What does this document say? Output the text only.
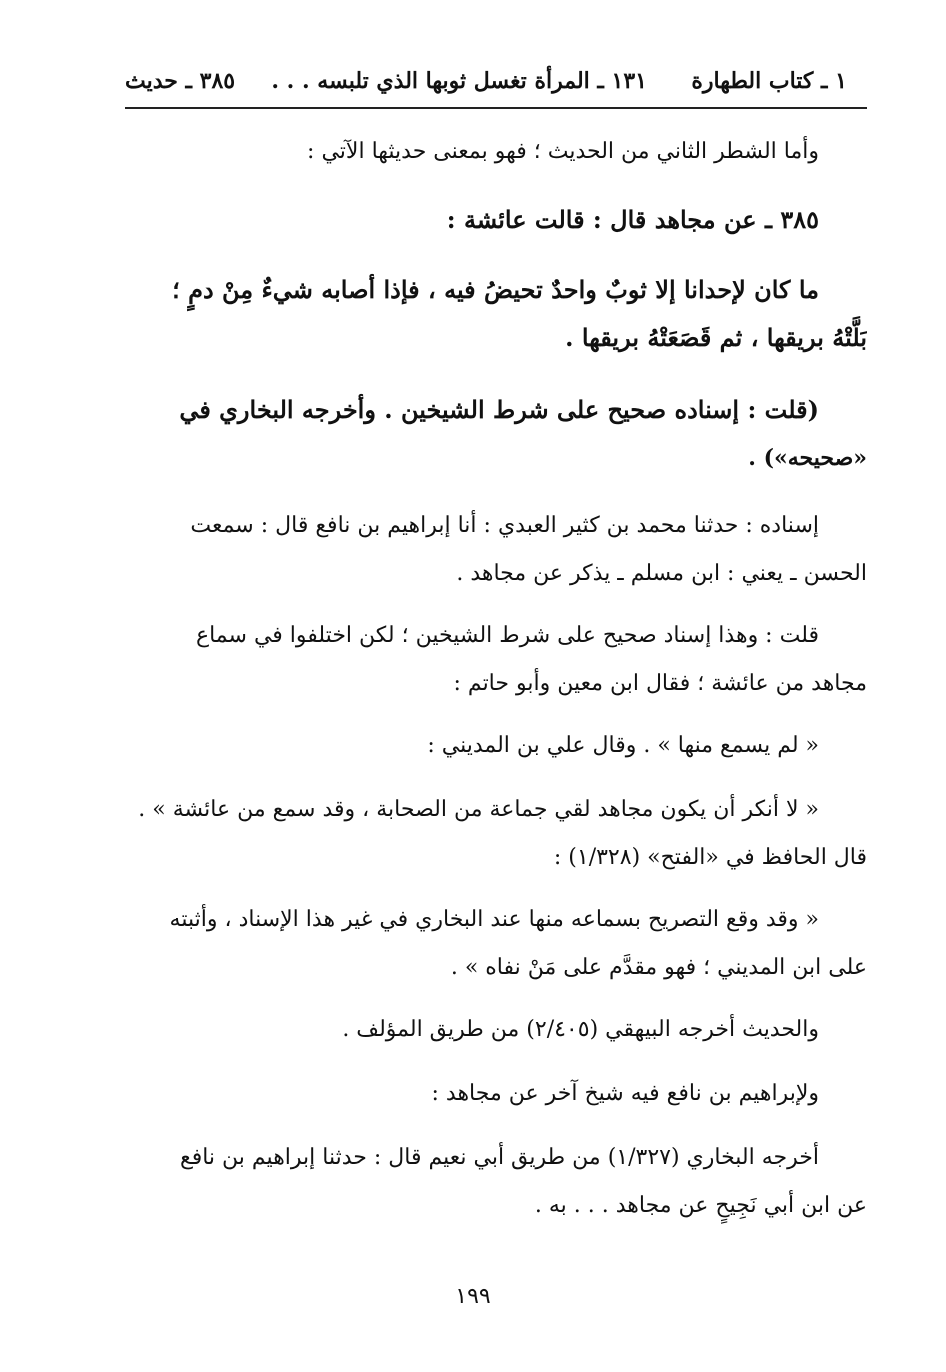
١ ـ كتاب الطهارة
١٣١ ـ المرأة تغسل ثوبها الذي تلبسه . . .
٣٨٥ ـ حديث
وأما الشطر الثاني من الحديث ؛ فهو بمعنى حديثها الآتي :
٣٨٥ ـ عن مجاهد قال : قالت عائشة :
ما كان لإحدانا إلا ثوبٌ واحدٌ تحيضُ فيه ، فإذا أصابه شيءٌ مِنْ دمٍ ؛
بَلَّتْهُ بريقها ، ثم قَصَعَتْهُ بريقها .
(قلت : إسناده صحيح على شرط الشيخين . وأخرجه البخاري في
«صحيحه») .
إسناده : حدثنا محمد بن كثير العبدي : أنا إبراهيم بن نافع قال : سمعت
الحسن ـ يعني : ابن مسلم ـ يذكر عن مجاهد .
قلت : وهذا إسناد صحيح على شرط الشيخين ؛ لكن اختلفوا في سماع
مجاهد من عائشة ؛ فقال ابن معين وأبو حاتم :
« لم يسمع منها » . وقال علي بن المديني :
« لا أنكر أن يكون مجاهد لقي جماعة من الصحابة ، وقد سمع من عائشة » .
قال الحافظ في «الفتح» (١/٣٢٨) :
« وقد وقع التصريح بسماعه منها عند البخاري في غير هذا الإسناد ، وأثبته
على ابن المديني ؛ فهو مقدَّم على مَنْ نفاه » .
والحديث أخرجه البيهقي (٢/٤٠٥) من طريق المؤلف .
ولإبراهيم بن نافع فيه شيخ آخر عن مجاهد :
أخرجه البخاري (١/٣٢٧) من طريق أبي نعيم قال : حدثنا إبراهيم بن نافع
عن ابن أبي نَجِيحٍ عن مجاهد . . . به .
١٩٩
